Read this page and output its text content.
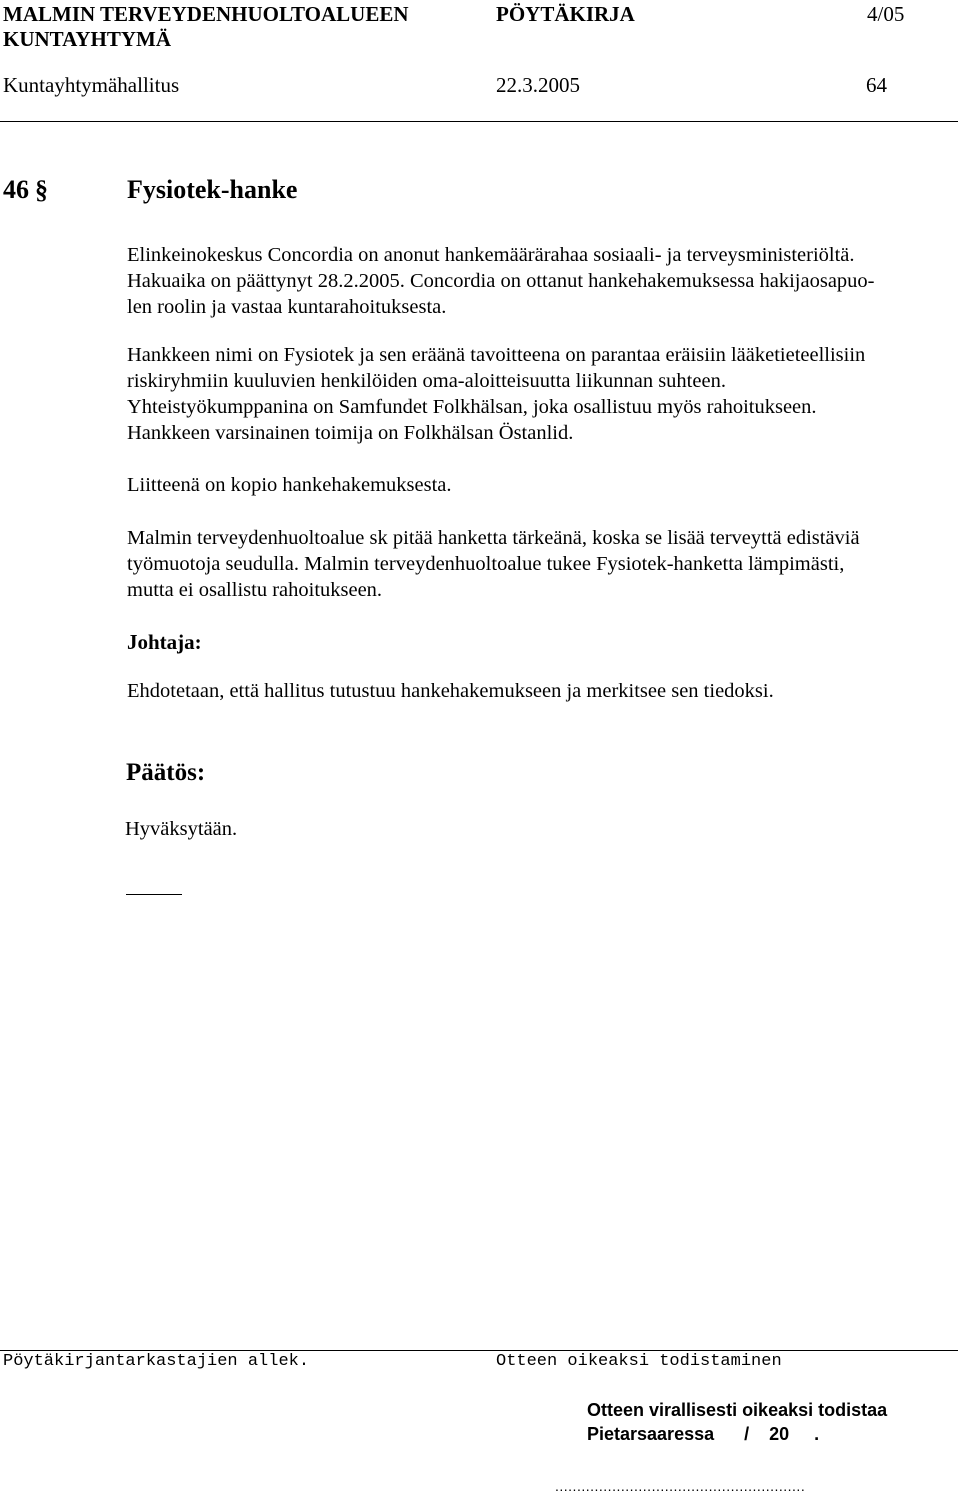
MALMIN TERVEYDENHUOLTOALUEEN
KUNTAYHTYMÄ
PÖYTÄKIRJA	4/05
Kuntayhtymähallitus	22.3.2005	64
46 §	Fysiotek-hanke
Elinkeinokeskus Concordia on anonut hankemäärärahaa sosiaali- ja terveysministeriöltä.
Hakuaika on päättynyt 28.2.2005. Concordia on ottanut hankehakemuksessa hakijaosapuo-
len roolin ja vastaa kuntarahoituksesta.
Hankkeen nimi on Fysiotek ja sen eräänä tavoitteena on parantaa eräisiin lääketieteellisiin
riskiryhmiin kuuluvien henkilöiden oma-aloitteisuutta liikunnan suhteen.
Yhteistyökumppanina on Samfundet Folkhälsan, joka osallistuu myös rahoitukseen.
Hankkeen varsinainen toimija on Folkhälsan Östanlid.
Liitteenä on kopio hankehakemuksesta.
Malmin terveydenhuoltoalue sk pitää hanketta tärkeänä, koska se lisää terveyttä edistäviä
työmuotoja seudulla. Malmin terveydenhuoltoalue tukee Fysiotek-hanketta lämpimästi,
mutta ei osallistu rahoitukseen.
Johtaja:
Ehdotetaan, että hallitus tutustuu hankehakemukseen ja merkitsee sen tiedoksi.
Päätös:
Hyväksytään.
Pöytäkirjantarkastajien allek.	Otteen oikeaksi todistaminen
Otteen virallisesti oikeaksi todistaa
Pietarsaaressa      /    20     .
.........................................................
